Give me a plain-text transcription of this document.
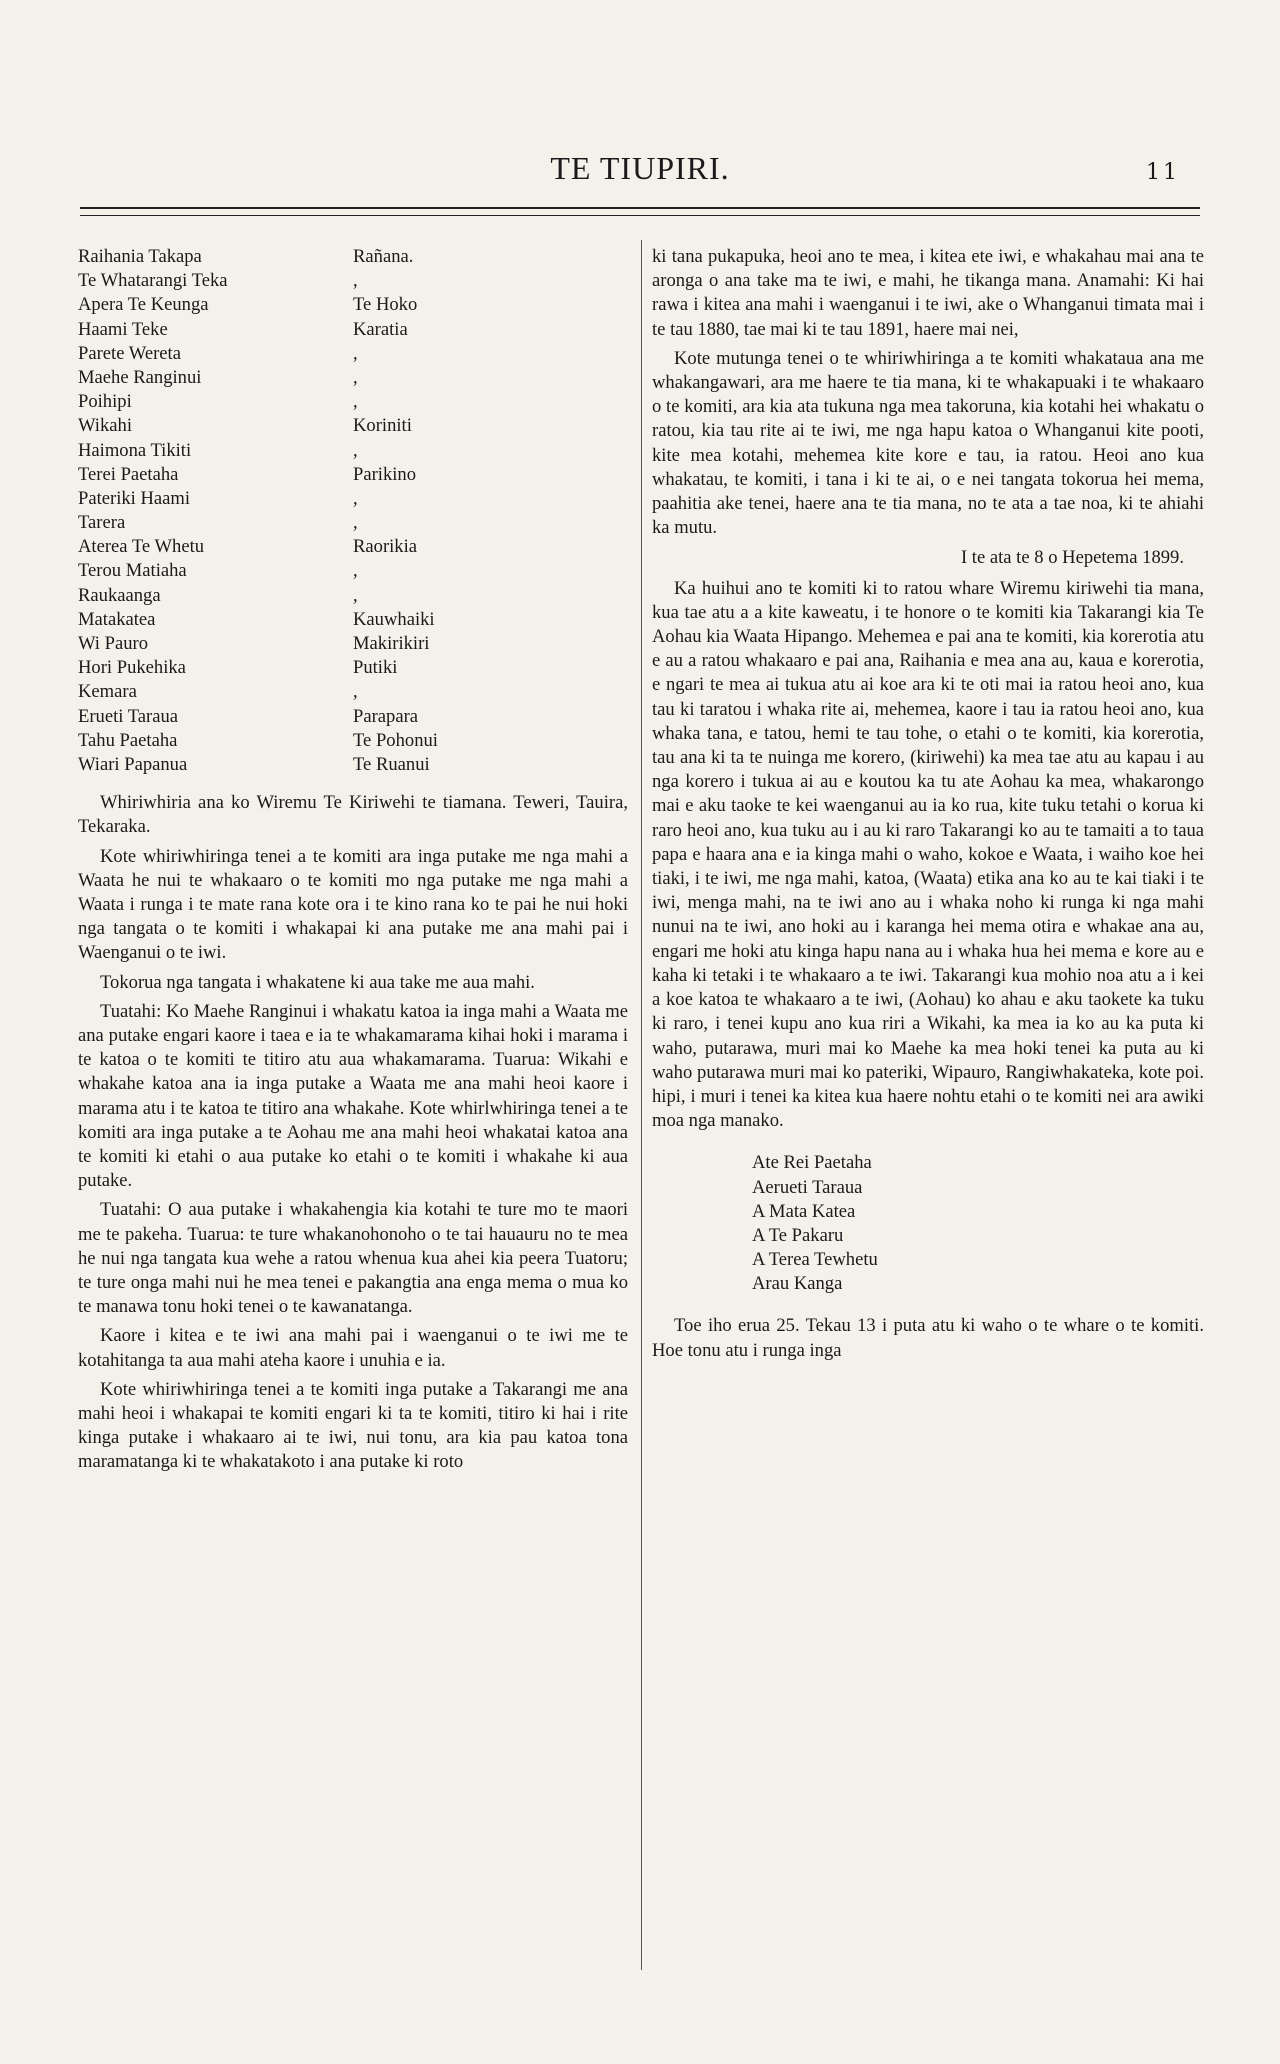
TE TIUPIRI.	11
Raihania Takapa	Rañana.
Te Whatarangi Teka	,
Apera Te Keunga	Te Hoko
Haami Teke	Karatia
Parete Wereta	,
Maehe Ranginui	,
Poihipi	,
Wikahi	Koriniti
Haimona Tikiti	,
Terei Paetaha	Parikino
Pateriki Haami	,
Tarera	,
Aterea Te Whetu	Raorikia
Terou Matiaha	,
Raukaanga	,
Matakatea	Kauwhaiki
Wi Pauro	Makirikiri
Hori Pukehika	Putiki
Kemara	,
Erueti Taraua	Parapara
Tahu Paetaha	Te Pohonui
Wiari Papanua	Te Ruanui

Whiriwhiria ana ko Wiremu Te Kiriwehi te tiamana. Teweri, Tauira, Tekaraka.

Kote whiriwhiringa tenei a te komiti ara inga putake me nga mahi a Waata he nui te whakaaro o te komiti mo nga putake me nga mahi a Waata i runga i te mate rana kote ora i te kino rana ko te pai he nui hoki nga tangata o te komiti i whakapai ki ana putake me ana mahi pai i Waenganui o te iwi.

Tokorua nga tangata i whakatene ki aua take me aua mahi.

Tuatahi: Ko Maehe Ranginui i whakatu katoa ia inga mahi a Waata me ana putake engari kaore i taea e ia te whakamarama kihai hoki i marama i te katoa o te komiti te titiro atu aua whakamarama. Tuarua: Wikahi e whakahe katoa ana ia inga putake a Waata me ana mahi heoi kaore i marama atu i te katoa te titiro ana whakahe. Kote whirlwhiringa tenei a te komiti ara inga putake a te Aohau me ana mahi heoi whakatai katoa ana te komiti ki etahi o aua putake ko etahi o te komiti i whakahe ki aua putake.

Tuatahi: O aua putake i whakahengia kia kotahi te ture mo te maori me te pakeha. Tuarua: te ture whakanohonoho o te tai hauauru no te mea he nui nga tangata kua wehe a ratou whenua kua ahei kia peera Tuatoru; te ture onga mahi nui he mea tenei e pakangtia ana enga mema o mua ko te manawa tonu hoki tenei o te kawanatanga.

Kaore i kitea e te iwi ana mahi pai i waenganui o te iwi me te kotahitanga ta aua mahi ateha kaore i unuhia e ia.

Kote whiriwhiringa tenei a te komiti inga putake a Takarangi me ana mahi heoi i whakapai te komiti engari ki ta te komiti, titiro ki hai i rite kinga putake i whakaaro ai te iwi, nui tonu, ara kia pau katoa tona maramatanga ki te whakatakoto i ana putake ki roto

ki tana pukapuka, heoi ano te mea, i kitea ete iwi, e whakahau mai ana te aronga o ana take ma te iwi, e mahi, he tikanga mana. Anamahi: Ki hai rawa i kitea ana mahi i waenganui i te iwi, ake o Whanganui timata mai i te tau 1880, tae mai ki te tau 1891, haere mai nei,

Kote mutunga tenei o te whiriwhiringa a te komiti whakataua ana me whakangawari, ara me haere te tia mana, ki te whakapuaki i te whakaaro o te komiti, ara kia ata tukuna nga mea takoruna, kia kotahi hei whakatu o ratou, kia tau rite ai te iwi, me nga hapu katoa o Whanganui kite pooti, kite mea kotahi, mehemea kite kore e tau, ia ratou. Heoi ano kua whakatau, te komiti, i tana i ki te ai, o e nei tangata tokorua hei mema, paahitia ake tenei, haere ana te tia mana, no te ata a tae noa, ki te ahiahi ka mutu.

I te ata te 8 o Hepetema 1899.

Ka huihui ano te komiti ki to ratou whare Wiremu kiriwehi tia mana, kua tae atu a a kite kaweatu, i te honore o te komiti kia Takarangi kia Te Aohau kia Waata Hipango. Mehemea e pai ana te komiti, kia korerotia atu e au a ratou whakaaro e pai ana, Raihania e mea ana au, kaua e korerotia, e ngari te mea ai tukua atu ai koe ara ki te oti mai ia ratou heoi ano, kua tau ki taratou i whaka rite ai, mehemea, kaore i tau ia ratou heoi ano, kua whaka tana, e tatou, hemi te tau tohe, o etahi o te komiti, kia korerotia, tau ana ki ta te nuinga me korero, (kiriwehi) ka mea tae atu au kapau i au nga korero i tukua ai au e koutou ka tu ate Aohau ka mea, whakarongo mai e aku taoke te kei waenganui au ia ko rua, kite tuku tetahi o korua ki raro heoi ano, kua tuku au i au ki raro Takarangi ko au te tamaiti a to taua papa e haara ana e ia kinga mahi o waho, kokoe e Waata, i waiho koe hei tiaki, i te iwi, me nga mahi, katoa, (Waata) etika ana ko au te kai tiaki i te iwi, menga mahi, na te iwi ano au i whaka noho ki runga ki nga mahi nunui na te iwi, ano hoki au i karanga hei mema otira e whakae ana au, engari me hoki atu kinga hapu nana au i whaka hua hei mema e kore au e kaha ki tetaki i te whakaaro a te iwi. Takarangi kua mohio noa atu a i kei a koe katoa te whakaaro a te iwi, (Aohau) ko ahau e aku taokete ka tuku ki raro, i tenei kupu ano kua riri a Wikahi, ka mea ia ko au ka puta ki waho, putarawa, muri mai ko Maehe ka mea hoki tenei ka puta au ki waho putarawa muri mai ko pateriki, Wipauro, Rangiwhakateka, kote poi. hipi, i muri i tenei ka kitea kua haere nohtu etahi o te komiti nei ara awiki moa nga manako.

Ate Rei Paetaha
Aerueti Taraua
A Mata Katea
A Te Pakaru
A Terea Tewhetu
Arau Kanga

Toe iho erua 25. Tekau 13 i puta atu ki waho o te whare o te komiti. Hoe tonu atu i runga inga
